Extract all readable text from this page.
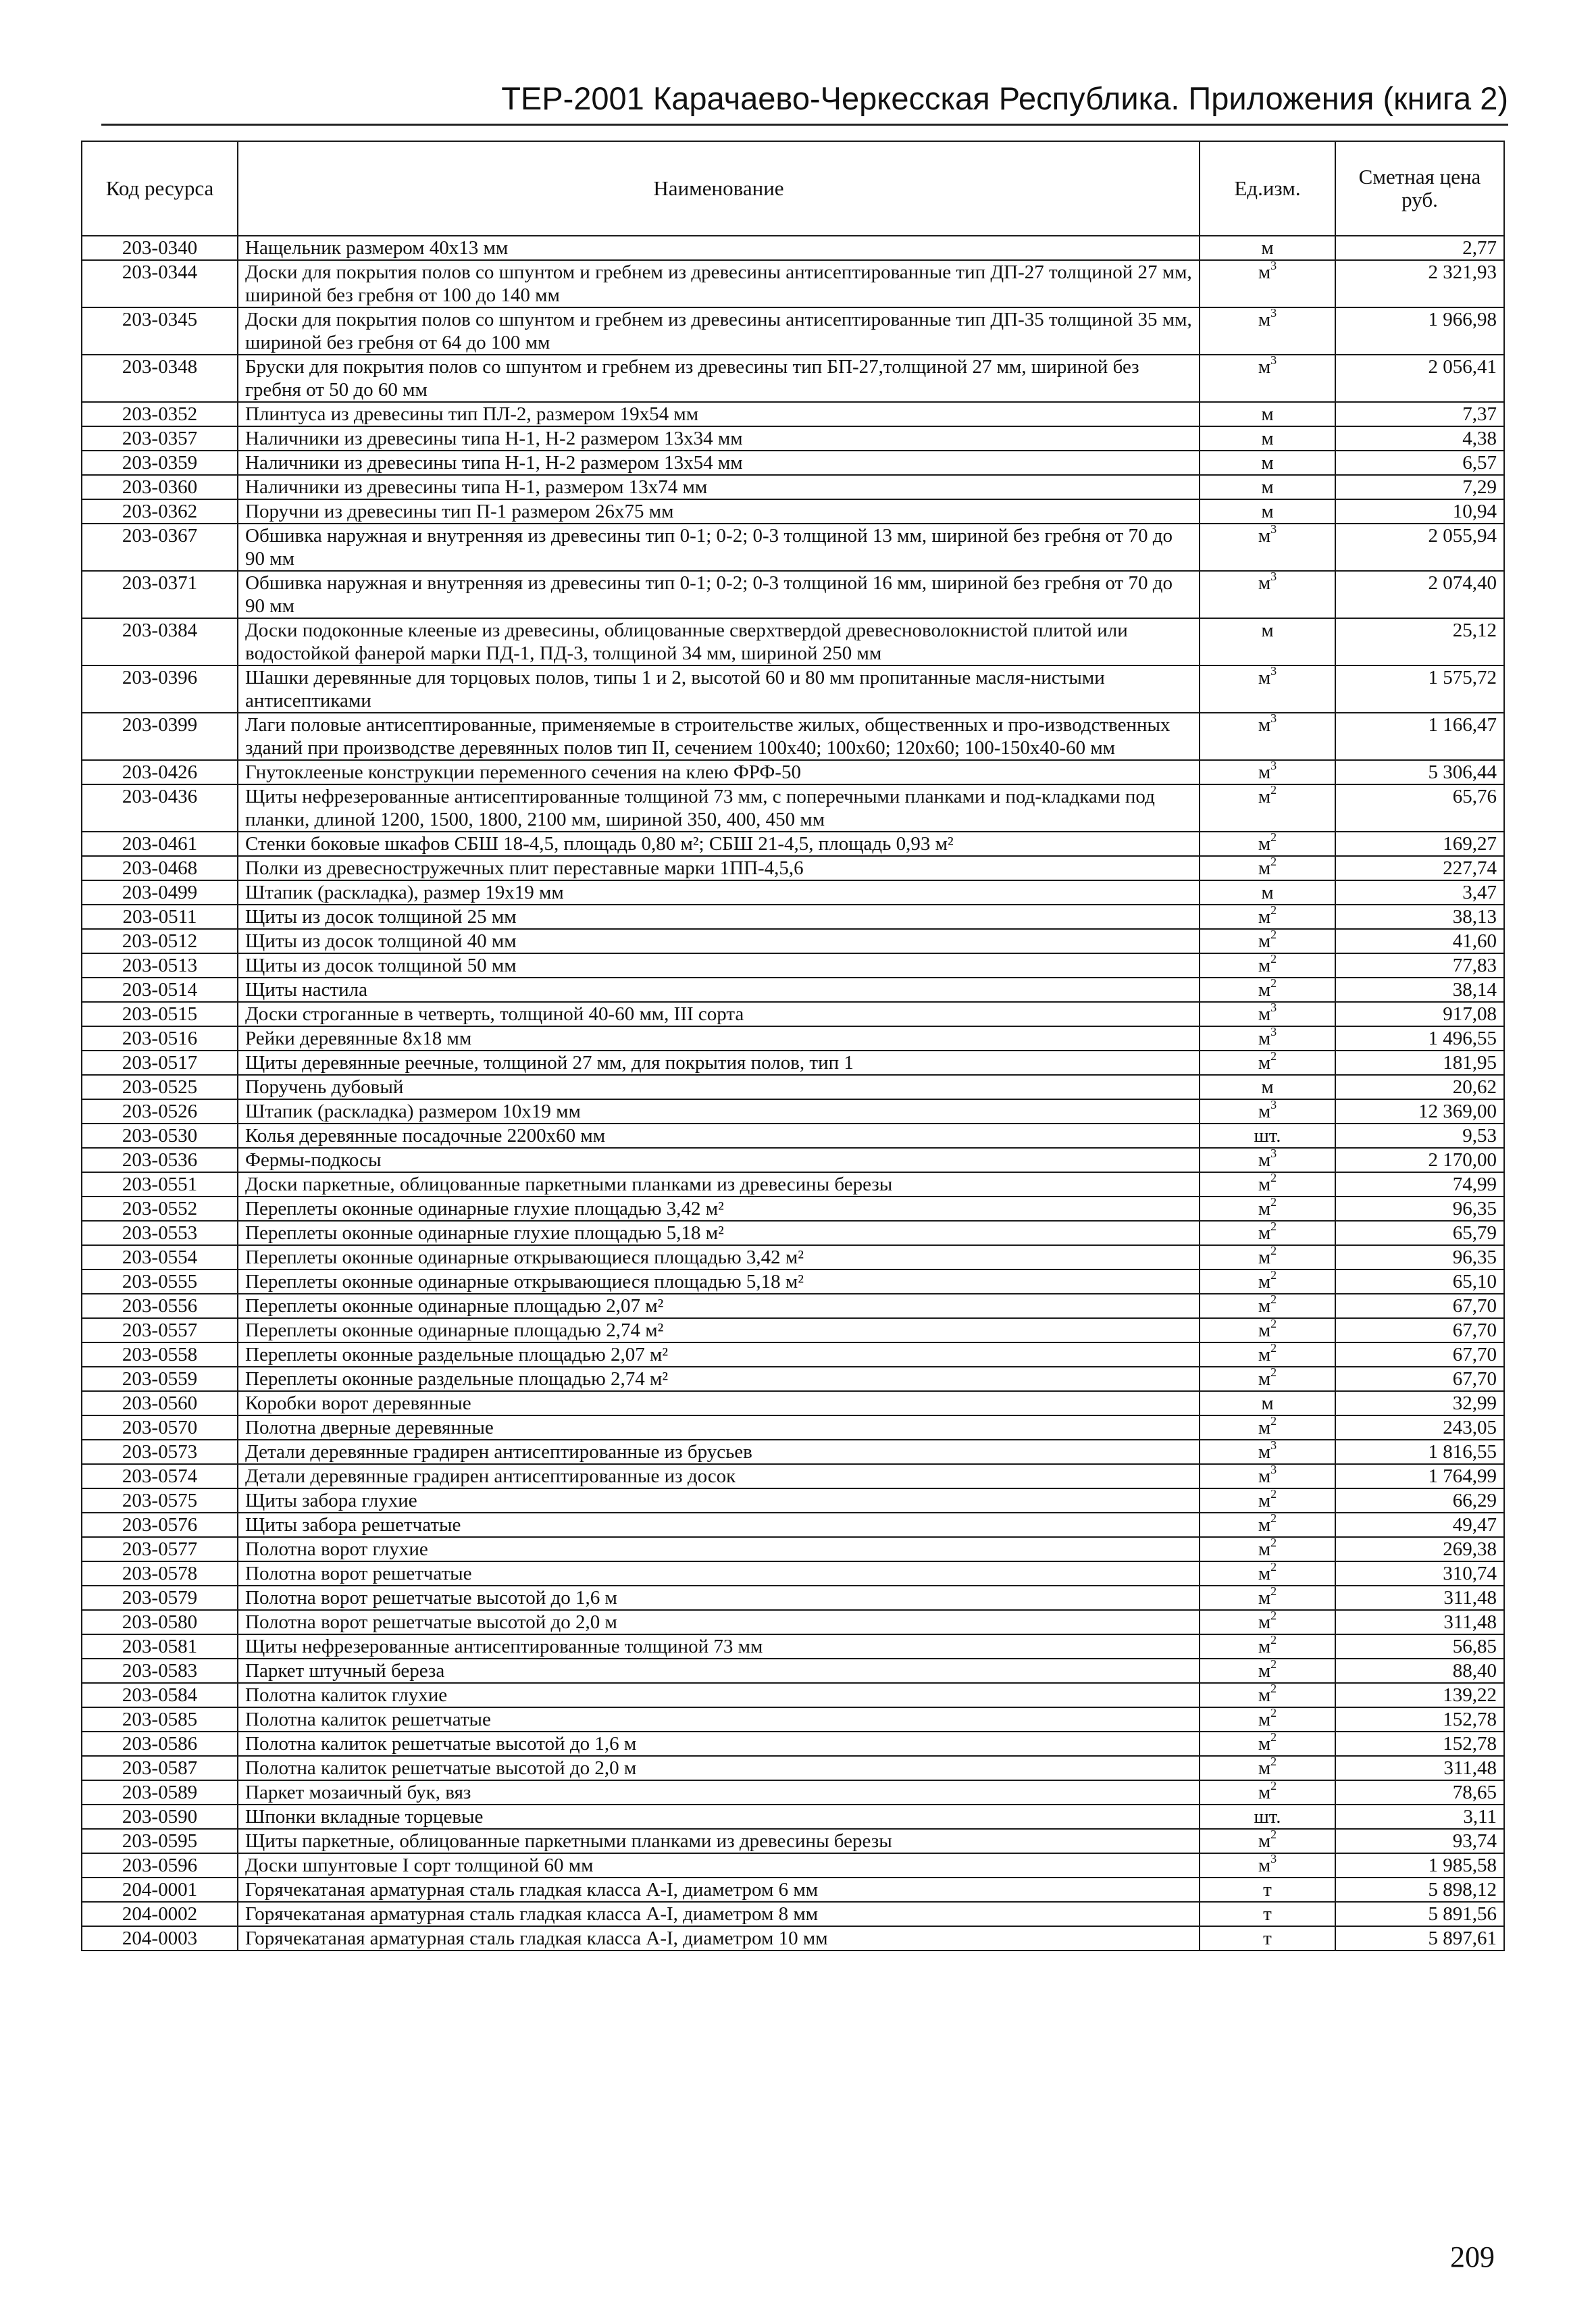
ТЕР-2001 Карачаево-Черкесская Республика. Приложения (книга 2)
Код ресурса	Наименование	Ед.изм.	Сметная цена руб.
203-0340	Нащельник размером 40х13 мм	м	2,77
203-0344	Доски для покрытия полов со шпунтом и гребнем из древесины антисептированные тип ДП-27 толщиной 27 мм, шириной без гребня от 100 до 140 мм	$м^3$	2 321,93
203-0345	Доски для покрытия полов со шпунтом и гребнем из древесины антисептированные тип ДП-35 толщиной 35 мм, шириной без гребня от 64 до 100 мм	$м^3$	1 966,98
203-0348	Бруски для покрытия полов со шпунтом и гребнем из древесины тип БП-27,толщиной 27 мм, шириной без гребня от 50 до 60 мм	$м^3$	2 056,41
203-0352	Плинтуса из древесины тип ПЛ-2, размером 19х54 мм	м	7,37
203-0357	Наличники из древесины типа Н-1, Н-2 размером 13х34 мм	м	4,38
203-0359	Наличники из древесины типа Н-1, Н-2 размером 13х54 мм	м	6,57
203-0360	Наличники из древесины типа Н-1, размером 13х74 мм	м	7,29
203-0362	Поручни из древесины тип П-1 размером 26х75 мм	м	10,94
203-0367	Обшивка наружная и внутренняя из древесины тип 0-1; 0-2; 0-3 толщиной 13 мм, шириной без гребня от 70 до 90 мм	$м^3$	2 055,94
203-0371	Обшивка наружная и внутренняя из древесины тип 0-1; 0-2; 0-3 толщиной 16 мм, шириной без гребня от 70 до 90 мм	$м^3$	2 074,40
203-0384	Доски подоконные клееные из древесины, облицованные сверхтвердой древесноволокнистой плитой или водостойкой фанерой марки ПД-1, ПД-3, толщиной 34 мм, шириной 250 мм	м	25,12
203-0396	Шашки деревянные для торцовых полов, типы 1 и 2, высотой 60 и 80 мм пропитанные масля-нистыми антисептиками	$м^3$	1 575,72
203-0399	Лаги половые антисептированные, применяемые в строительстве жилых, общественных и про-изводственных зданий при производстве деревянных полов тип II, сечением 100х40; 100х60; 120х60; 100-150х40-60 мм	$м^3$	1 166,47
203-0426	Гнутоклееные конструкции переменного сечения на клею ФРФ-50	$м^3$	5 306,44
203-0436	Щиты нефрезерованные антисептированные толщиной 73 мм, с поперечными планками и под-кладками под планки, длиной 1200, 1500, 1800, 2100 мм, шириной 350, 400, 450 мм	$м^2$	65,76
203-0461	Стенки боковые шкафов СБШ 18-4,5, площадь 0,80 м²; СБШ 21-4,5, площадь 0,93 м²	$м^2$	169,27
203-0468	Полки из древесностружечных плит переставные марки 1ПП-4,5,6	$м^2$	227,74
203-0499	Штапик (раскладка), размер 19х19 мм	м	3,47
203-0511	Щиты из досок толщиной 25 мм	$м^2$	38,13
203-0512	Щиты из досок толщиной 40 мм	$м^2$	41,60
203-0513	Щиты из досок толщиной 50 мм	$м^2$	77,83
203-0514	Щиты настила	$м^2$	38,14
203-0515	Доски строганные в четверть, толщиной 40-60 мм, III сорта	$м^3$	917,08
203-0516	Рейки деревянные 8х18 мм	$м^3$	1 496,55
203-0517	Щиты деревянные реечные, толщиной 27 мм, для покрытия полов, тип 1	$м^2$	181,95
203-0525	Поручень дубовый	м	20,62
203-0526	Штапик (раскладка) размером 10х19 мм	$м^3$	12 369,00
203-0530	Колья деревянные посадочные 2200х60 мм	шт.	9,53
203-0536	Фермы-подкосы	$м^3$	2 170,00
203-0551	Доски паркетные, облицованные паркетными планками из древесины березы	$м^2$	74,99
203-0552	Переплеты оконные одинарные глухие площадью 3,42 м²	$м^2$	96,35
203-0553	Переплеты оконные одинарные глухие площадью 5,18 м²	$м^2$	65,79
203-0554	Переплеты оконные одинарные открывающиеся площадью 3,42 м²	$м^2$	96,35
203-0555	Переплеты оконные одинарные открывающиеся площадью 5,18 м²	$м^2$	65,10
203-0556	Переплеты оконные одинарные площадью 2,07 м²	$м^2$	67,70
203-0557	Переплеты оконные одинарные площадью 2,74 м²	$м^2$	67,70
203-0558	Переплеты оконные раздельные площадью 2,07 м²	$м^2$	67,70
203-0559	Переплеты оконные раздельные площадью 2,74 м²	$м^2$	67,70
203-0560	Коробки ворот деревянные	м	32,99
203-0570	Полотна дверные деревянные	$м^2$	243,05
203-0573	Детали деревянные градирен антисептированные из брусьев	$м^3$	1 816,55
203-0574	Детали деревянные градирен антисептированные из досок	$м^3$	1 764,99
203-0575	Щиты забора глухие	$м^2$	66,29
203-0576	Щиты забора решетчатые	$м^2$	49,47
203-0577	Полотна ворот глухие	$м^2$	269,38
203-0578	Полотна ворот решетчатые	$м^2$	310,74
203-0579	Полотна ворот решетчатые высотой до 1,6 м	$м^2$	311,48
203-0580	Полотна ворот решетчатые высотой до 2,0 м	$м^2$	311,48
203-0581	Щиты нефрезерованные антисептированные толщиной 73 мм	$м^2$	56,85
203-0583	Паркет штучный береза	$м^2$	88,40
203-0584	Полотна калиток глухие	$м^2$	139,22
203-0585	Полотна калиток решетчатые	$м^2$	152,78
203-0586	Полотна калиток решетчатые высотой до 1,6 м	$м^2$	152,78
203-0587	Полотна калиток решетчатые высотой до 2,0 м	$м^2$	311,48
203-0589	Паркет мозаичный бук, вяз	$м^2$	78,65
203-0590	Шпонки вкладные торцевые	шт.	3,11
203-0595	Щиты паркетные, облицованные паркетными планками из древесины березы	$м^2$	93,74
203-0596	Доски шпунтовые I сорт толщиной 60 мм	$м^3$	1 985,58
204-0001	Горячекатаная арматурная сталь гладкая класса А-I, диаметром 6 мм	т	5 898,12
204-0002	Горячекатаная арматурная сталь гладкая класса А-I, диаметром 8 мм	т	5 891,56
204-0003	Горячекатаная арматурная сталь гладкая класса А-I, диаметром 10 мм	т	5 897,61
209
